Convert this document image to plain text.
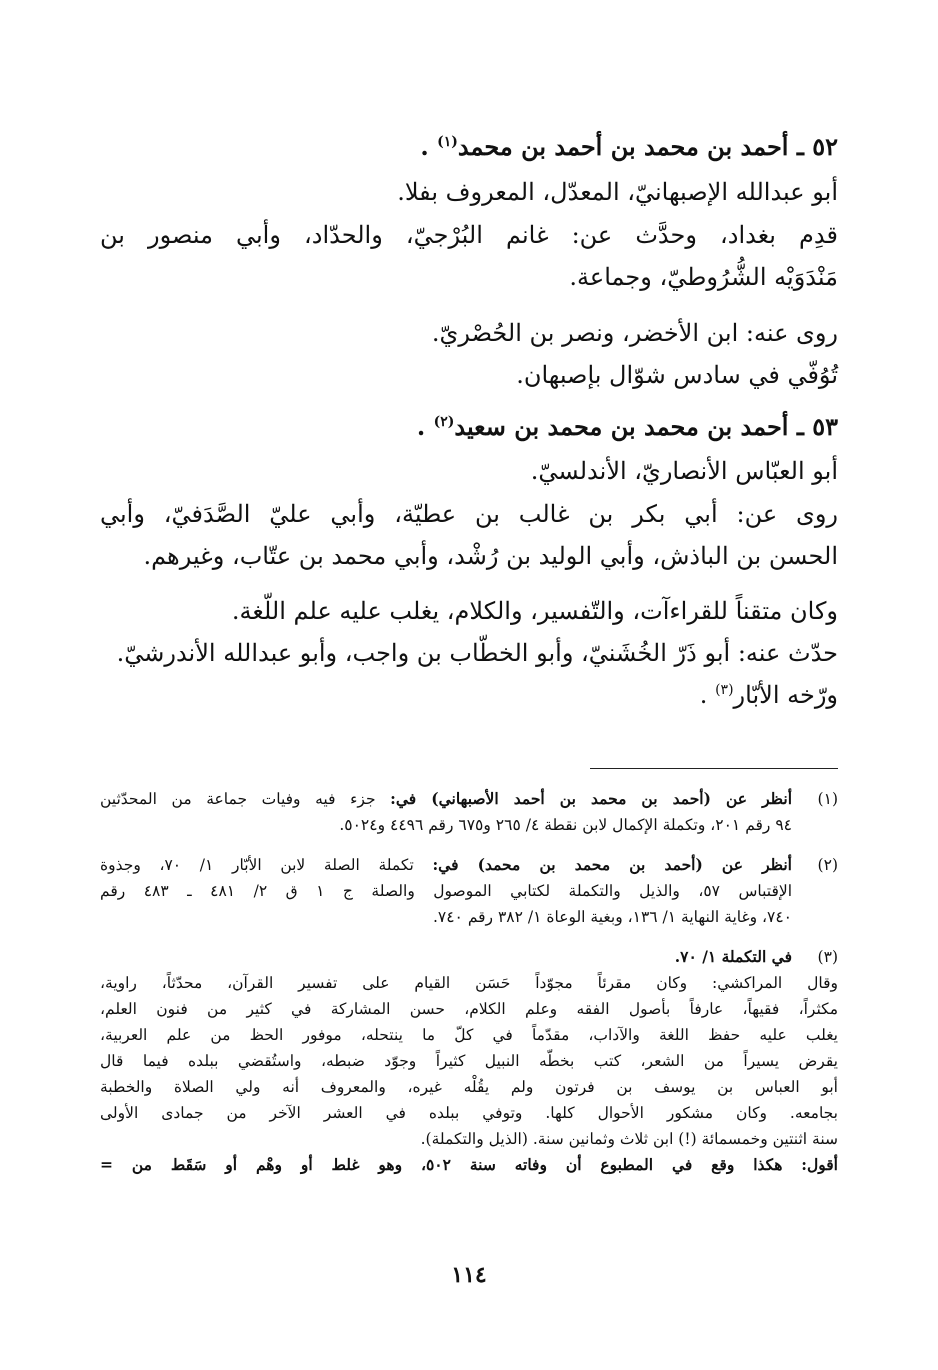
٥٢ ـ أحمد بن محمد بن أحمد بن محمد$^{(١)}$ .
أبو عبدالله الإصبهانيّ، المعدّل، المعروف بفلا.
قدِم بغداد، وحدَّث عن: غانم البُرْجيّ، والحدّاد، وأبي منصور بن
مَنْدَوَيْه الشُّرُوطيّ، وجماعة.
روى عنه: ابن الأخضر، ونصر بن الحُصْريّ.
تُوُفّي في سادس شوّال بإصبهان.
٥٣ ـ أحمد بن محمد بن محمد بن سعيد$^{(٢)}$ .
أبو العبّاس الأنصاريّ، الأندلسيّ.
روى عن: أبي بكر بن غالب بن عطيّة، وأبي عليّ الصَّدَفيّ، وأبي
الحسن بن الباذش، وأبي الوليد بن رُشْد، وأبي محمد بن عتّاب، وغيرهم.
وكان متقناً للقراءآت، والتّفسير، والكلام، يغلب عليه علم اللّغة.
حدّث عنه: أبو ذَرّ الخُشَنيّ، وأبو الخطّاب بن واجب، وأبو عبدالله الأندرشيّ.
ورّخه الأبّار$^{(٣)}$ .
(١)
أنظر عن (أحمد بن محمد بن أحمد الأصبهاني) في: جزء فيه وفيات جماعة من المحدّثين
٩٤ رقم ٢٠١، وتكملة الإكمال لابن نقطة ٤/ ٢٦٥ و٦٧٥ رقم ٤٤٩٦ و٥٠٢٤.
(٢)
أنظر عن (أحمد بن محمد بن محمد) في: تكملة الصلة لابن الأبّار ١/ ٧٠، وجذوة
الإقتباس ٥٧، والذيل والتكملة لكتابي الموصول والصلة ج ١ ق ٢/ ٤٨١ ـ ٤٨٣ رقم
٧٤٠، وغاية النهاية ١/ ١٣٦، وبغية الوعاة ١/ ٣٨٢ رقم ٧٤٠.
(٣)
في التكملة ١/ ٧٠.
وقال المراكشي: وكان مقرئاً مجوّداً حَسَن القيام على تفسير القرآن، محدّثاً، راوية،
مكثراً، فقيهاً، عارفاً بأصول الفقه وعلم الكلام، حسن المشاركة في كثير من فنون العلم،
يغلب عليه حفظ اللغة والآداب، مقدّماً في كلّ ما ينتحله، موفور الحظ من علم العربية،
يقرض يسيراً من الشعر، كتب بخطّه النبيل كثيراً وجوّد ضبطه، واستُقضي ببلده فيما قال
أبو العباس بن يوسف بن فرتون ولم يقُلْه غيره، والمعروف أنه ولي الصلاة والخطبة
بجامعه. وكان مشكور الأحوال كلها. وتوفي ببلده في العشر الآخر من جمادى الأولى
سنة اثنتين وخمسمائة (!) ابن ثلاث وثمانين سنة. (الذيل والتكملة).
أقول: هكذا وقع في المطبوع أن وفاته سنة ٥٠٢، وهو غلط أو وهْم أو سَقَط من =
١١٤
